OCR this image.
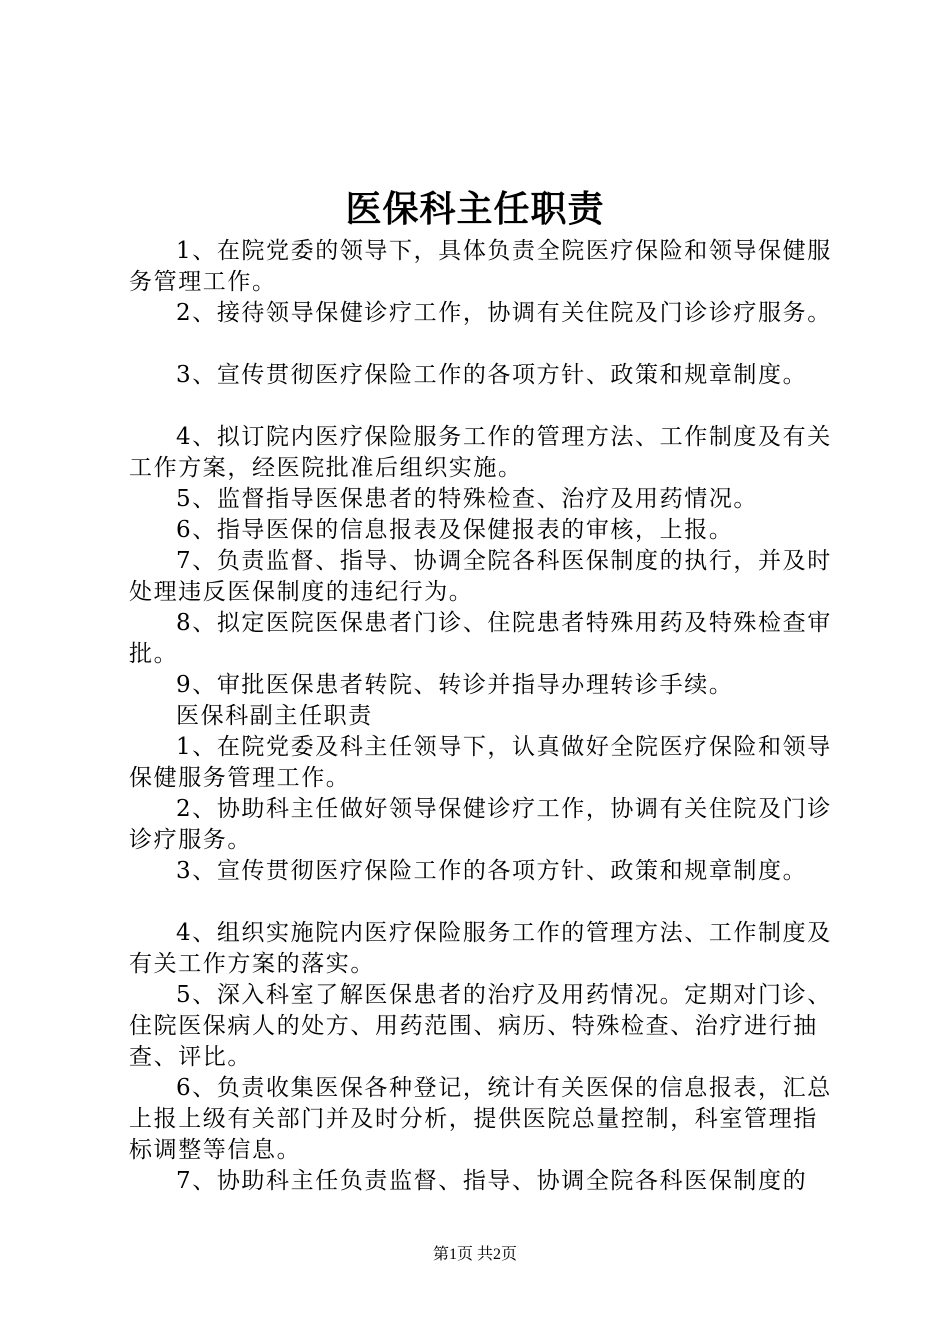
医保科主任职责

1、在院党委的领导下，具体负责全院医疗保险和领导保健服务管理工作。

2、接待领导保健诊疗工作，协调有关住院及门诊诊疗服务。

3、宣传贯彻医疗保险工作的各项方针、政策和规章制度。

4、拟订院内医疗保险服务工作的管理方法、工作制度及有关工作方案，经医院批准后组织实施。

5、监督指导医保患者的特殊检查、治疗及用药情况。

6、指导医保的信息报表及保健报表的审核，上报。

7、负责监督、指导、协调全院各科医保制度的执行，并及时处理违反医保制度的违纪行为。

8、拟定医院医保患者门诊、住院患者特殊用药及特殊检查审批。

9、审批医保患者转院、转诊并指导办理转诊手续。

医保科副主任职责

1、在院党委及科主任领导下，认真做好全院医疗保险和领导保健服务管理工作。

2、协助科主任做好领导保健诊疗工作，协调有关住院及门诊诊疗服务。

3、宣传贯彻医疗保险工作的各项方针、政策和规章制度。

4、组织实施院内医疗保险服务工作的管理方法、工作制度及有关工作方案的落实。

5、深入科室了解医保患者的治疗及用药情况。定期对门诊、住院医保病人的处方、用药范围、病历、特殊检查、治疗进行抽查、评比。

6、负责收集医保各种登记，统计有关医保的信息报表，汇总上报上级有关部门并及时分析，提供医院总量控制，科室管理指标调整等信息。

7、协助科主任负责监督、指导、协调全院各科医保制度的

第1页 共2页
